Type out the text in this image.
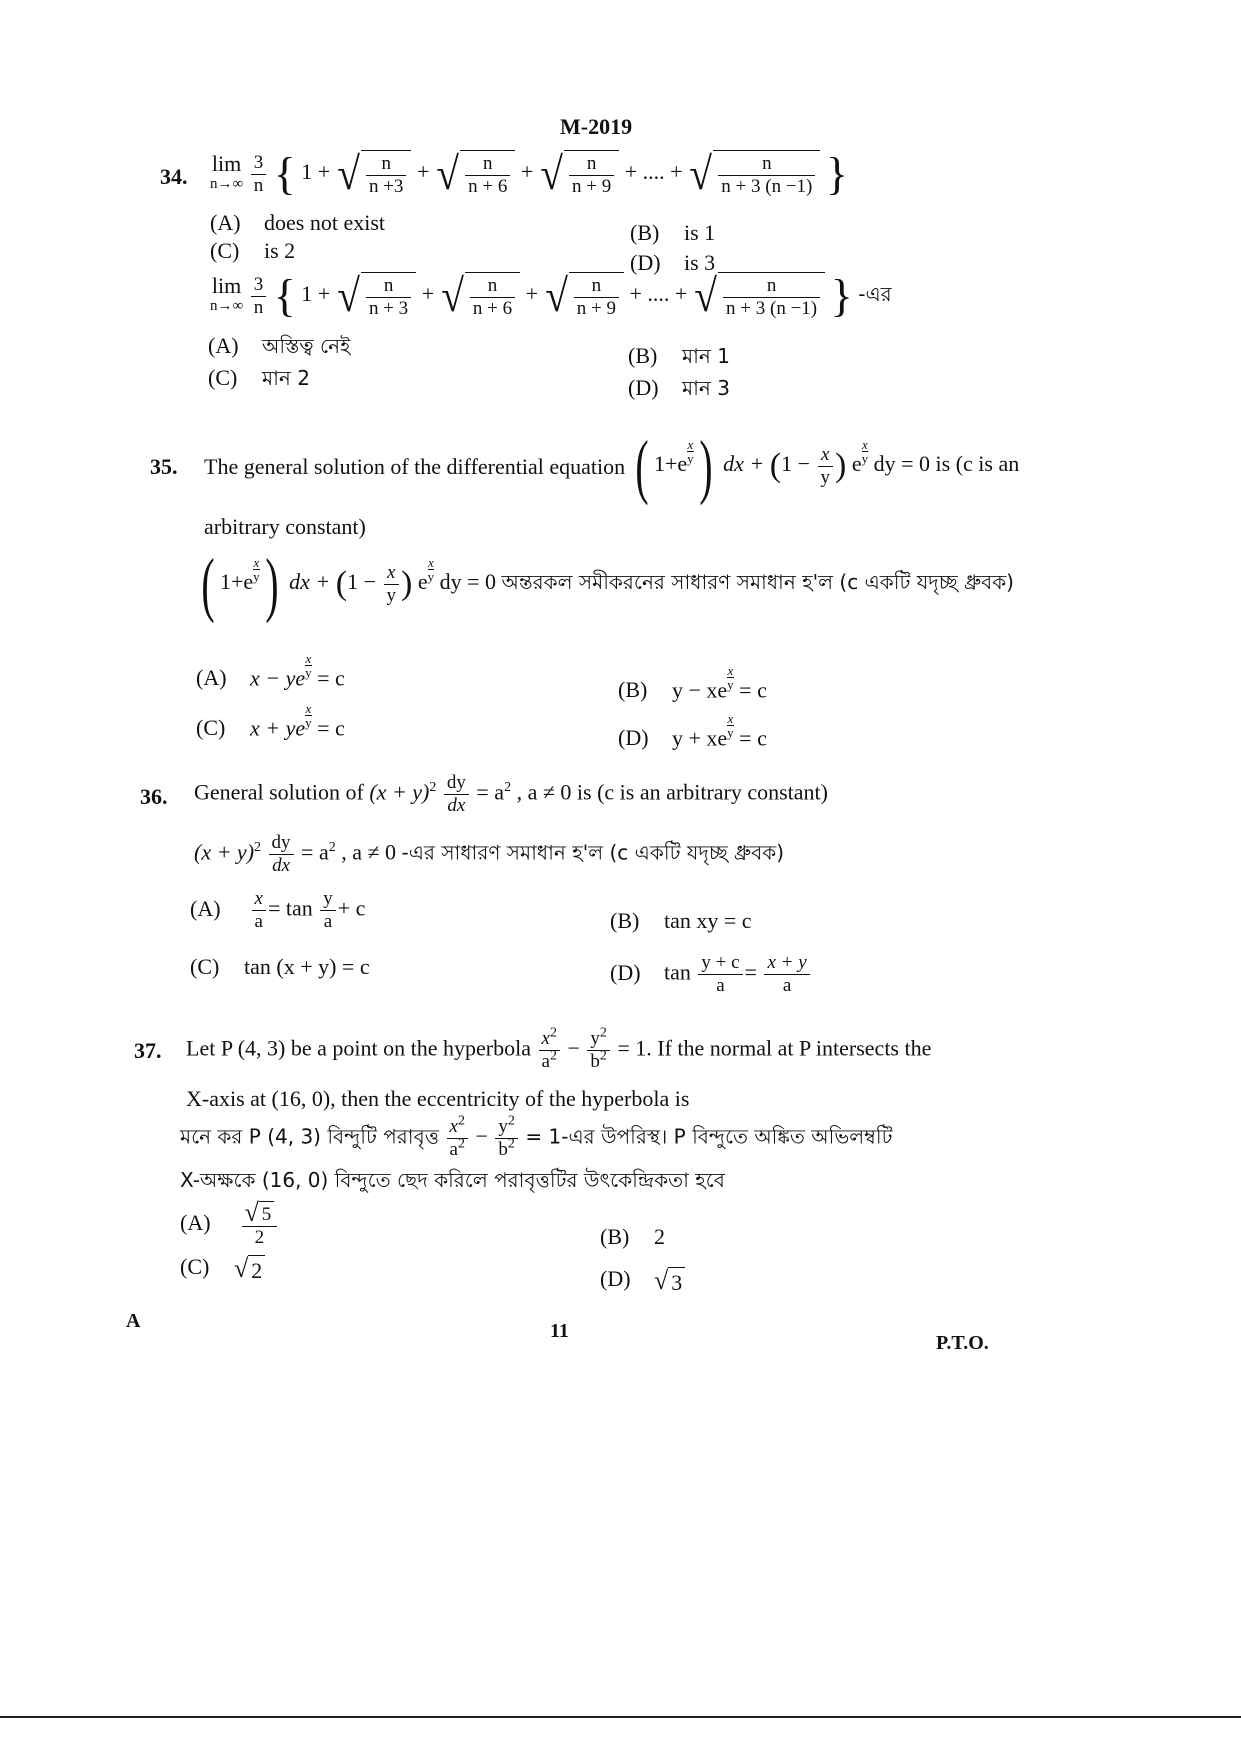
M-2019
34.
lim
n→∞
$\frac{3}{n}$ { 1 + √ $\frac{n}{n +3}$ + √ $\frac{n}{n + 6}$ + √ $\frac{n}{n + 9}$ + .... + √ $\frac{n}{n + 3 (n -1)}$ }
(A) does not exist
(C) is 2
(B) is 1
(D) is 3
lim
n→∞
$\frac{3}{n}$ { 1 + √ $\frac{n}{n + 3}$ + √ $\frac{n}{n + 6}$ + √ $\frac{n}{n + 9}$ + .... + √ $\frac{n}{n + 3 (n -1)}$ } -এর
(A) অস্তিত্ব নেই
(C) মান 2
(B) মান 1
(D) মান 3
35. The general solution of the differential equation ( $1+e \frac{x}{y}$ ) dx + ($1 - \frac{x}{y}$ ) e $\frac{x}{y}$ dy = 0 is (c is an
arbitrary constant)
( $1+e \frac{x}{y}$ ) dx + ($1 - \frac{x}{y}$ ) e $\frac{x}{y}$ dy = 0 অন্তরকল সমীকরনের সাধারণ সমাধান হ'ল (c একটি যদৃচ্ছ ধ্রুবক)
(A) x − ye $\frac{x}{y} = c$
(C) x + ye $\frac{x}{y} = c$
(B) y − xe $\frac{x}{y} = c$
(D) y + xe $\frac{x}{y} = c$
36. General solution of $(x + y)^2 \frac{dy}{dx} = a^2$ , a ≠ 0 is (c is an arbitrary constant)
$(x + y)^2 \frac{dy}{dx} = a^2$ , a ≠ 0 -এর সাধারণ সমাধান হ'ল (c একটি যদৃচ্ছ ধ্রুবক)
$(A) \frac{x}{a} = \tan \frac{y}{a} + c$
(C) tan (x + y) = c
(B) tan xy = c
(D) $\tan \frac{y + c}{a} = \frac{x + y}{a}$
37. Let P (4, 3) be a point on the hyperbola $\frac{x^2}{a^2} - \frac{y^2}{b^2} = 1$. If the normal at P intersects the
X-axis at (16, 0), then the eccentricity of the hyperbola is
মনে কর P (4, 3) বিন্দুটি পরাবৃত্ত $\frac{x^2}{a^2} - \frac{y^2}{b^2}$ = 1-এর উপরিস্থ। P বিন্দুতে অঙ্কিত অভিলম্বটি
X-অক্ষকে (16, 0) বিন্দুতে ছেদ করিলে পরাবৃত্তটির উৎকেন্দ্রিকতা হবে
$(A) \frac{√ 5}{2}$
(C) √ 2
(B) 2
(D) √ 3
A	11
P.T.O.
